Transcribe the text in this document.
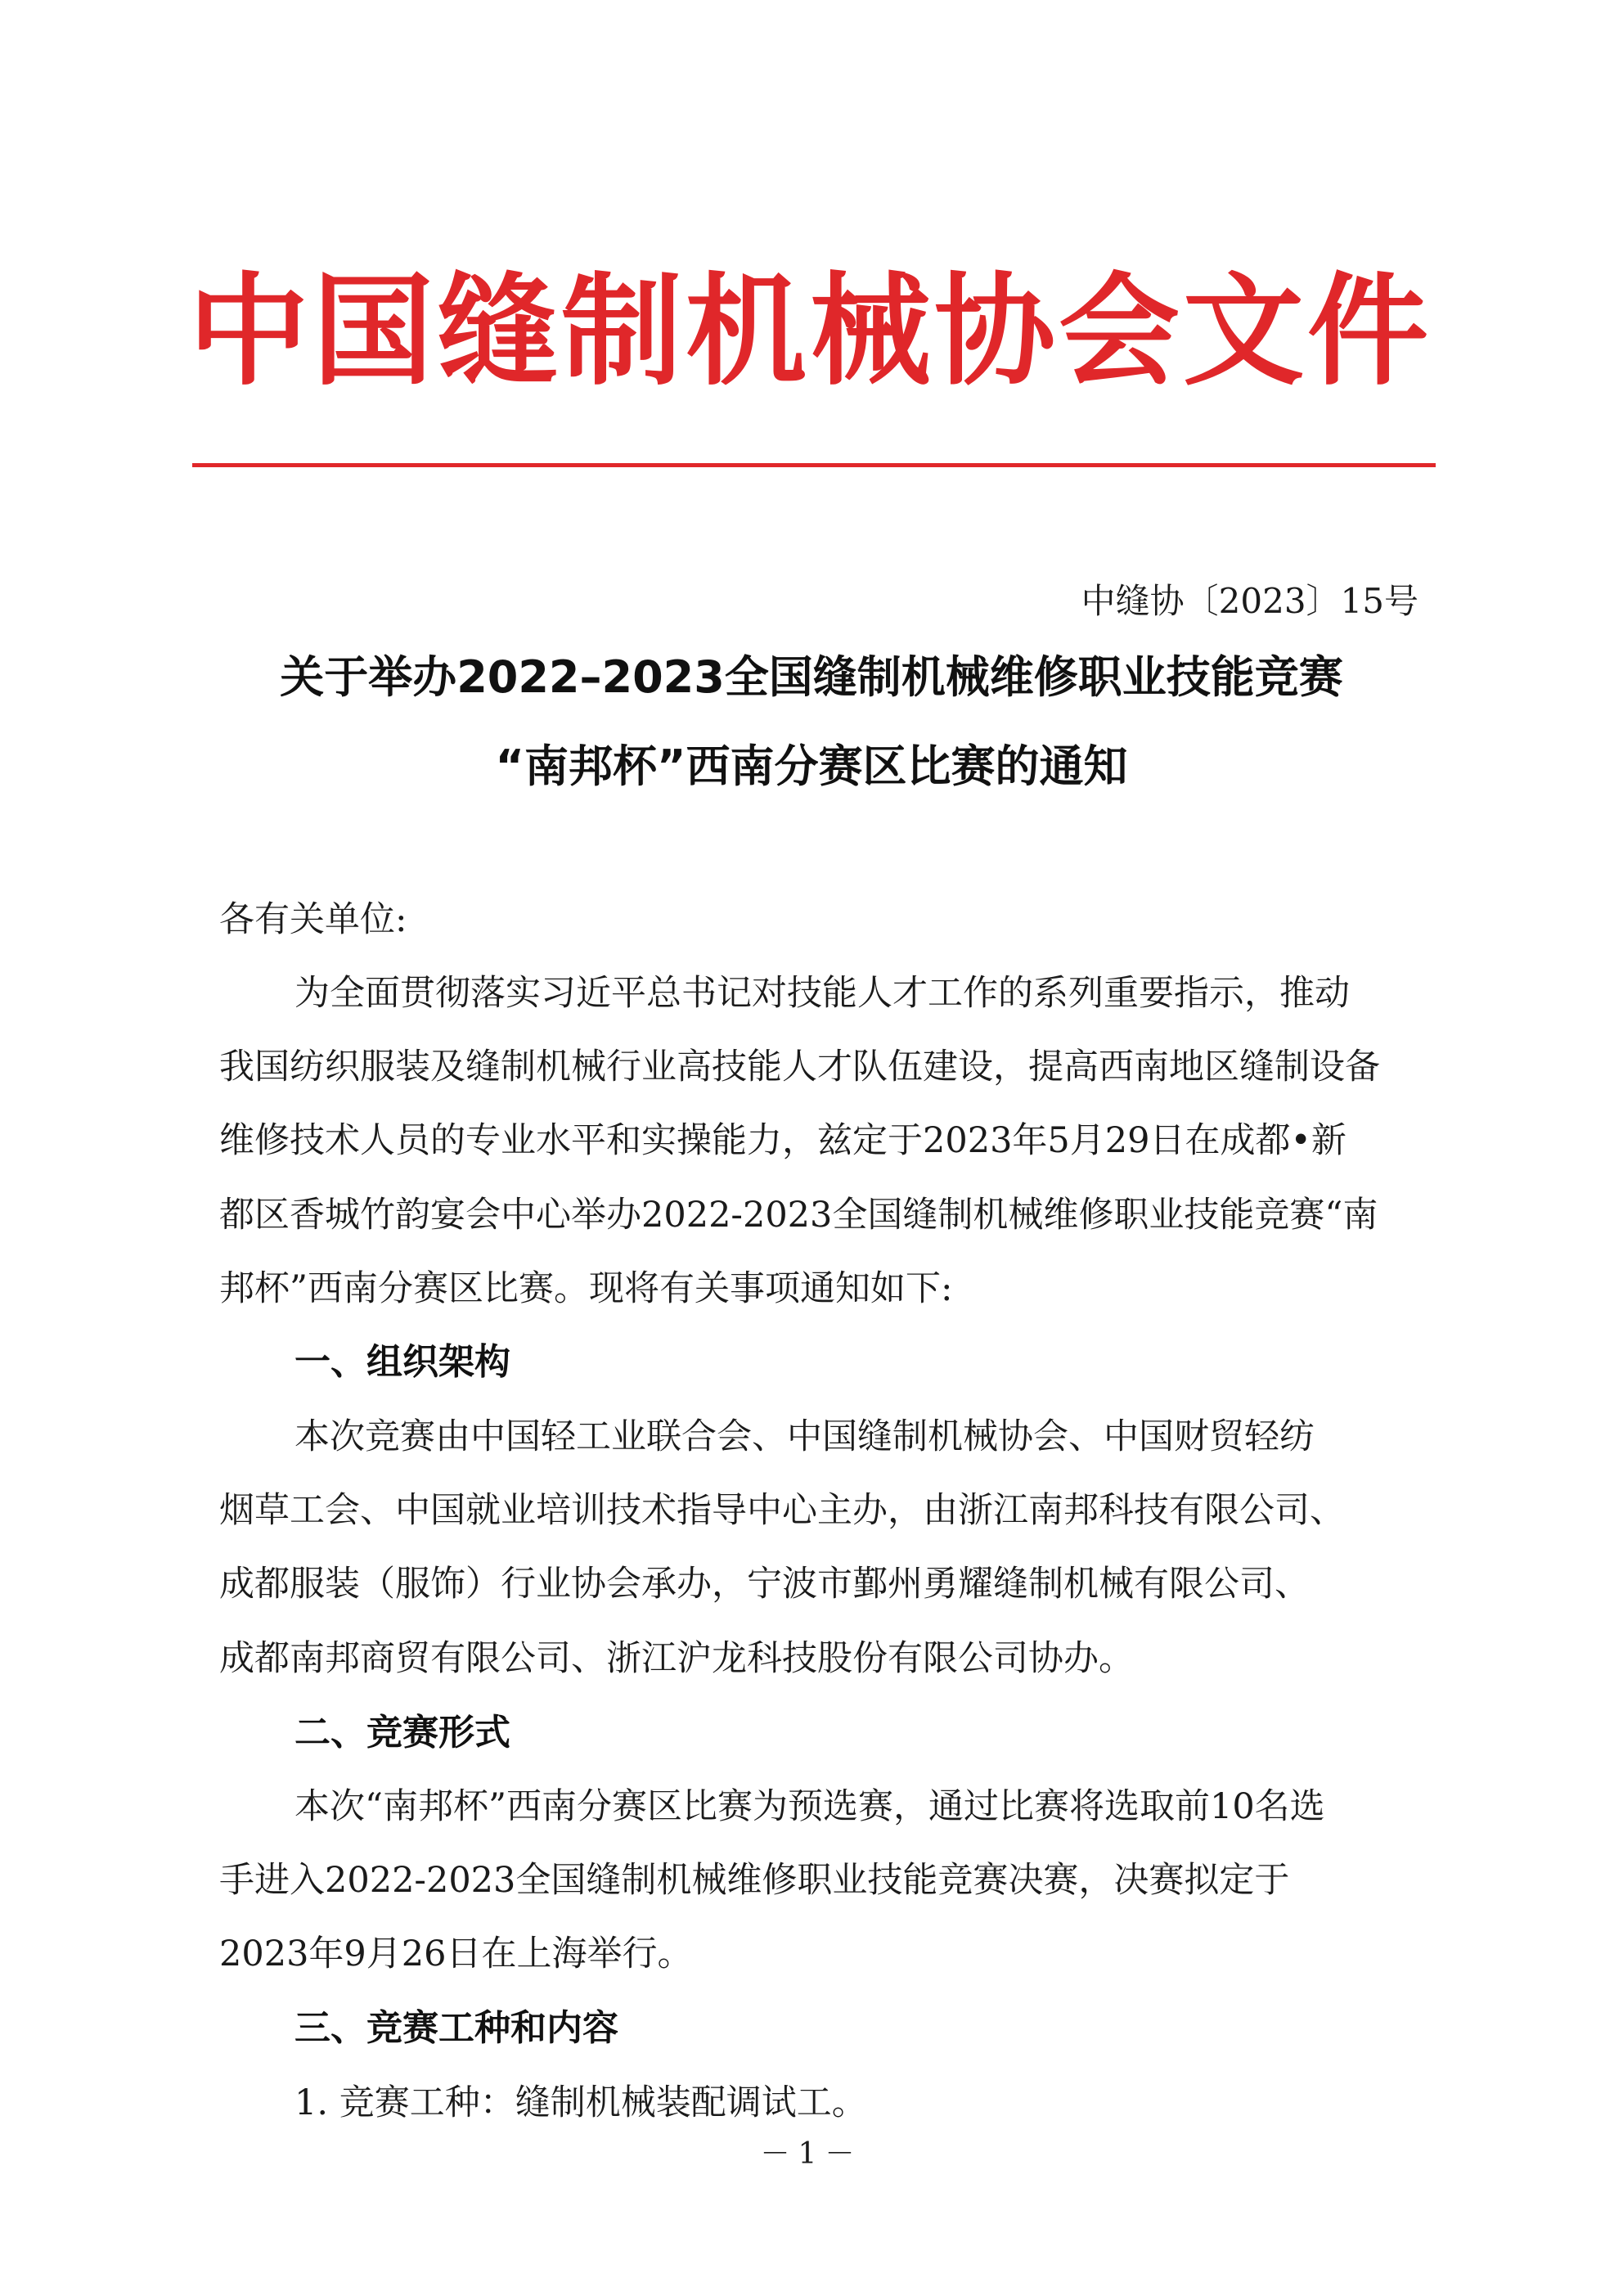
中国缝制机械协会文件
中缝协〔2023〕15号
关于举办2022–2023全国缝制机械维修职业技能竞赛
“南邦杯”西南分赛区比赛的通知
各有关单位:
为全面贯彻落实习近平总书记对技能人才工作的系列重要指示，推动
我国纺织服装及缝制机械行业高技能人才队伍建设，提高西南地区缝制设备
维修技术人员的专业水平和实操能力，兹定于2023年5月29日在成都•新
都区香城竹韵宴会中心举办2022-2023全国缝制机械维修职业技能竞赛“南
邦杯”西南分赛区比赛。现将有关事项通知如下:
一、组织架构
本次竞赛由中国轻工业联合会、中国缝制机械协会、中国财贸轻纺
烟草工会、中国就业培训技术指导中心主办，由浙江南邦科技有限公司、
成都服装（服饰）行业协会承办，宁波市鄞州勇耀缝制机械有限公司、
成都南邦商贸有限公司、浙江沪龙科技股份有限公司协办。
二、竞赛形式
本次“南邦杯”西南分赛区比赛为预选赛，通过比赛将选取前10名选
手进入2022-2023全国缝制机械维修职业技能竞赛决赛，决赛拟定于
2023年9月26日在上海举行。
三、竞赛工种和内容
1. 竞赛工种：缝制机械装配调试工。
－1－
